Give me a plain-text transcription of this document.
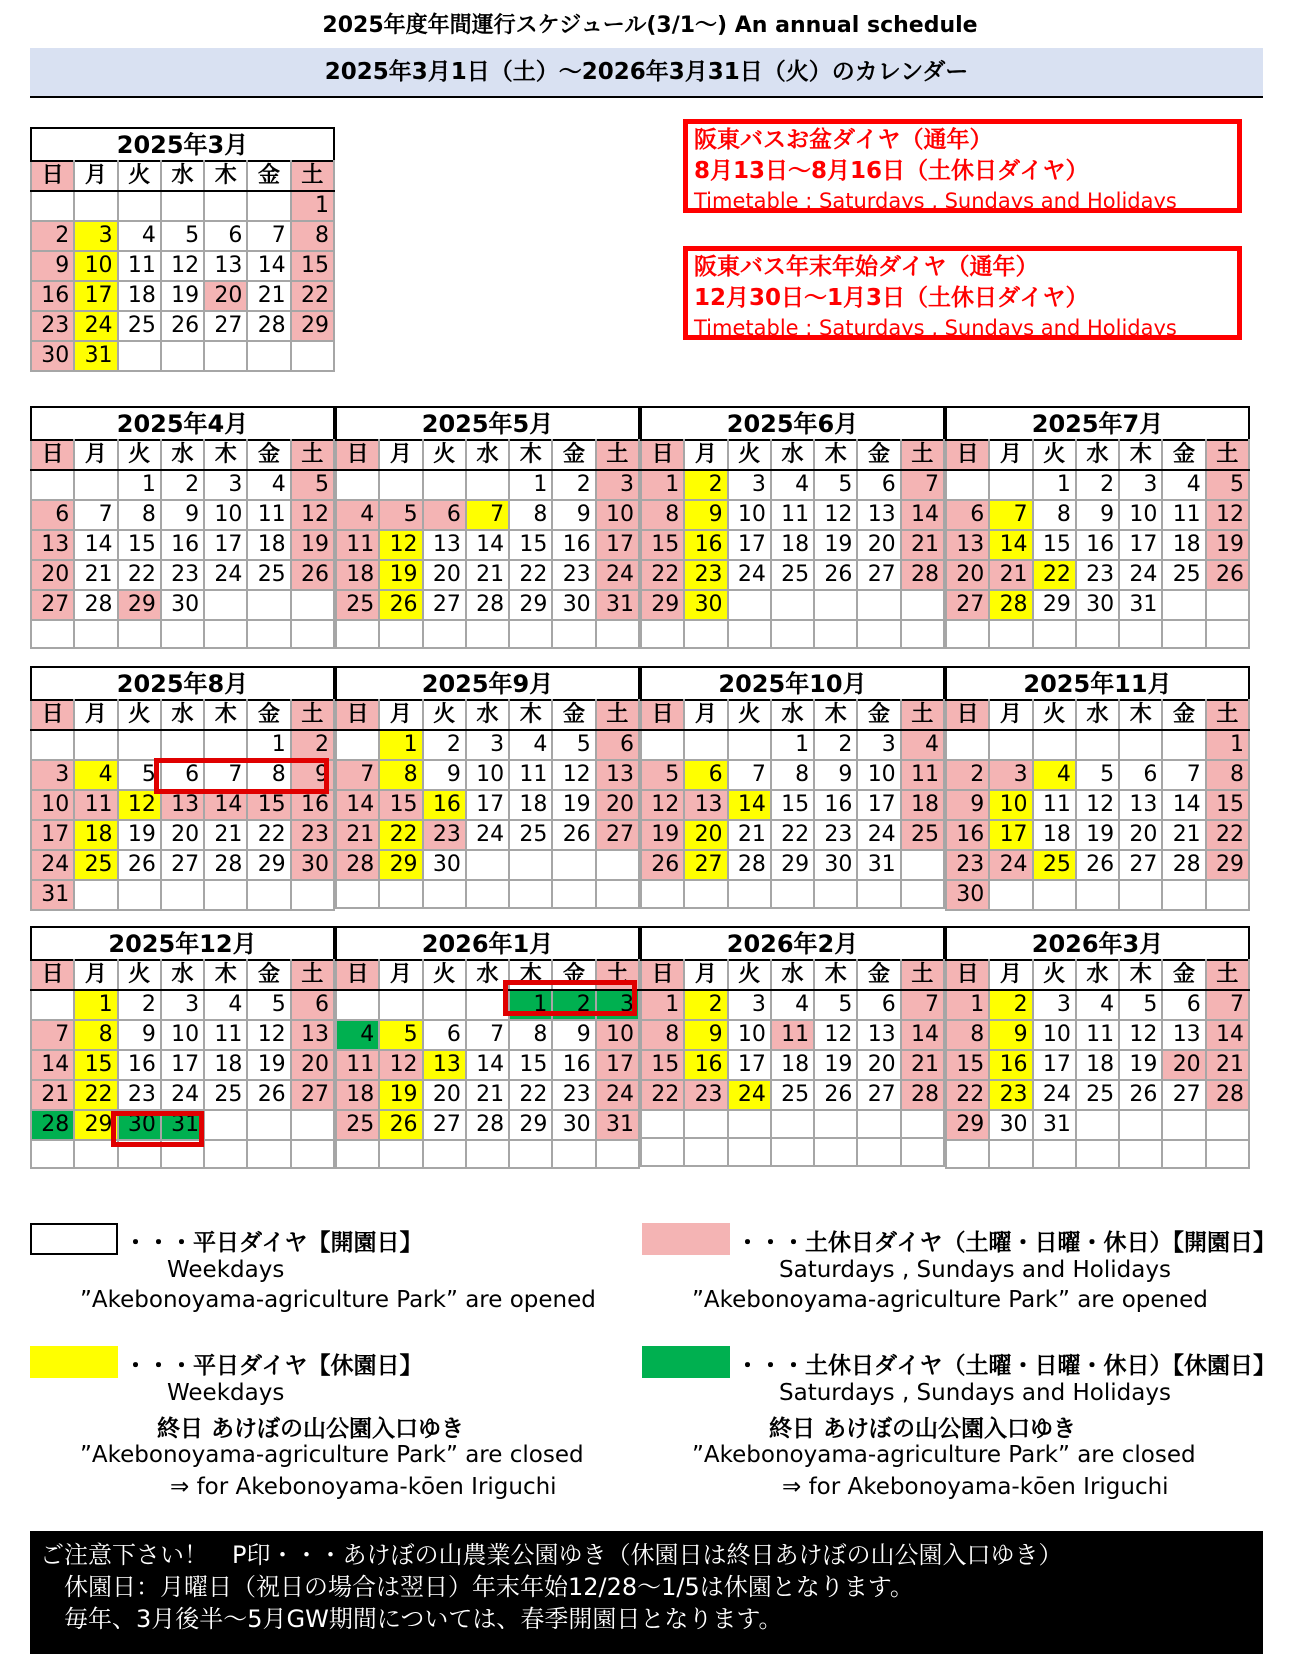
2025年度年間運行スケジュール(3/1～) An annual schedule
2025年3月1日（土）～2026年3月31日（火）のカレンダー
阪東バスお盆ダイヤ（通年）
8月13日～8月16日（土休日ダイヤ）
Timetable : Saturdays , Sundays and Holidays
阪東バス年末年始ダイヤ（通年）
12月30日～1月3日（土休日ダイヤ）
Timetable : Saturdays , Sundays and Holidays
2025年3月
日	月	火	水	木	金	土
						1
2	3	4	5	6	7	8
9	10	11	12	13	14	15
16	17	18	19	20	21	22
23	24	25	26	27	28	29
30	31					
2025年4月
日	月	火	水	木	金	土
		1	2	3	4	5
6	7	8	9	10	11	12
13	14	15	16	17	18	19
20	21	22	23	24	25	26
27	28	29	30			

2025年5月
日	月	火	水	木	金	土
				1	2	3
4	5	6	7	8	9	10
11	12	13	14	15	16	17
18	19	20	21	22	23	24
25	26	27	28	29	30	31

2025年6月
日	月	火	水	木	金	土
1	2	3	4	5	6	7
8	9	10	11	12	13	14
15	16	17	18	19	20	21
22	23	24	25	26	27	28
29	30					

2025年7月
日	月	火	水	木	金	土
		1	2	3	4	5
6	7	8	9	10	11	12
13	14	15	16	17	18	19
20	21	22	23	24	25	26
27	28	29	30	31		

2025年8月
日	月	火	水	木	金	土
					1	2
3	4	5	6	7	8	9
10	11	12	13	14	15	16
17	18	19	20	21	22	23
24	25	26	27	28	29	30
31						
2025年9月
日	月	火	水	木	金	土
	1	2	3	4	5	6
7	8	9	10	11	12	13
14	15	16	17	18	19	20
21	22	23	24	25	26	27
28	29	30				

2025年10月
日	月	火	水	木	金	土
			1	2	3	4
5	6	7	8	9	10	11
12	13	14	15	16	17	18
19	20	21	22	23	24	25
26	27	28	29	30	31	

2025年11月
日	月	火	水	木	金	土
						1
2	3	4	5	6	7	8
9	10	11	12	13	14	15
16	17	18	19	20	21	22
23	24	25	26	27	28	29
30						
2025年12月
日	月	火	水	木	金	土
	1	2	3	4	5	6
7	8	9	10	11	12	13
14	15	16	17	18	19	20
21	22	23	24	25	26	27
28	29	30	31			

2026年1月
日	月	火	水	木	金	土
				1	2	3
4	5	6	7	8	9	10
11	12	13	14	15	16	17
18	19	20	21	22	23	24
25	26	27	28	29	30	31

2026年2月
日	月	火	水	木	金	土
1	2	3	4	5	6	7
8	9	10	11	12	13	14
15	16	17	18	19	20	21
22	23	24	25	26	27	28

2026年3月
日	月	火	水	木	金	土
1	2	3	4	5	6	7
8	9	10	11	12	13	14
15	16	17	18	19	20	21
22	23	24	25	26	27	28
29	30	31				

・・・平日ダイヤ【開園日】
Weekdays
”Akebonoyama-agriculture Park” are opened
・・・土休日ダイヤ（土曜・日曜・休日）【開園日】
Saturdays , Sundays and Holidays
”Akebonoyama-agriculture Park” are opened
・・・平日ダイヤ【休園日】
Weekdays
終日 あけぼの山公園入口ゆき
”Akebonoyama-agriculture Park” are closed
⇒ for Akebonoyama-kōen Iriguchi
・・・土休日ダイヤ（土曜・日曜・休日）【休園日】
Saturdays , Sundays and Holidays
終日 あけぼの山公園入口ゆき
”Akebonoyama-agriculture Park” are closed
⇒ for Akebonoyama-kōen Iriguchi
ご注意下さい！　P印・・・あけぼの山農業公園ゆき（休園日は終日あけぼの山公園入口ゆき）
　休園日：月曜日（祝日の場合は翌日）年末年始12/28～1/5は休園となります。
　毎年、3月後半～5月GW期間については、春季開園日となります。
